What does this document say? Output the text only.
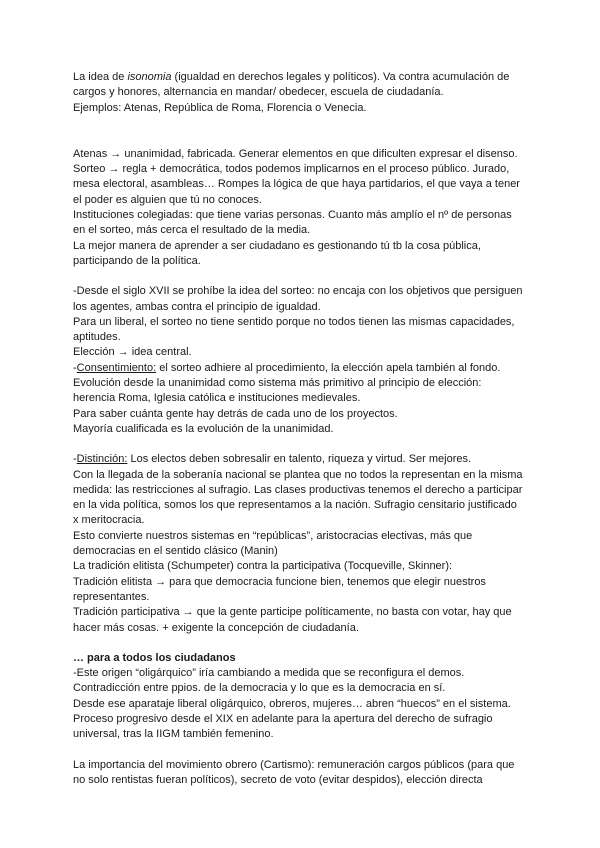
La idea de isonomia (igualdad en derechos legales y políticos). Va contra acumulación de
cargos y honores, alternancia en mandar/ obedecer, escuela de ciudadanía.
Ejemplos: Atenas, República de Roma, Florencia o Venecia.
Atenas → unanimidad, fabricada. Generar elementos en que dificulten expresar el disenso.
Sorteo → regla + democrática, todos podemos implicarnos en el proceso público. Jurado,
mesa electoral, asambleas… Rompes la lógica de que haya partidarios, el que vaya a tener
el poder es alguien que tú no conoces.
Instituciones colegiadas: que tiene varias personas. Cuanto más amplío el nº de personas
en el sorteo, más cerca el resultado de la media.
La mejor manera de aprender a ser ciudadano es gestionando tú tb la cosa pública,
participando de la política.
-Desde el siglo XVII se prohíbe la idea del sorteo: no encaja con los objetivos que persiguen
los agentes, ambas contra el principio de igualdad.
Para un liberal, el sorteo no tiene sentido porque no todos tienen las mismas capacidades,
aptitudes.
Elección → idea central.
-Consentimiento: el sorteo adhiere al procedimiento, la elección apela también al fondo.
Evolución desde la unanimidad como sistema más primitivo al principio de elección:
herencia Roma, Iglesia católica e instituciones medievales.
Para saber cuánta gente hay detrás de cada uno de los proyectos.
Mayoría cualificada es la evolución de la unanimidad.
-Distinción: Los electos deben sobresalir en talento, riqueza y virtud. Ser mejores.
Con la llegada de la soberanía nacional se plantea que no todos la representan en la misma
medida: las restricciones al sufragio. Las clases productivas tenemos el derecho a participar
en la vida política, somos los que representamos a la nación. Sufragio censitario justificado
x meritocracia.
Esto convierte nuestros sistemas en “repúblicas”, aristocracias electivas, más que
democracias en el sentido clásico (Manin)
La tradición elitista (Schumpeter) contra la participativa (Tocqueville, Skinner):
Tradición elitista → para que democracia funcione bien, tenemos que elegir nuestros
representantes.
Tradición participativa → que la gente participe políticamente, no basta con votar, hay que
hacer más cosas. + exigente la concepción de ciudadanía.
… para a todos los ciudadanos
-Este origen “oligárquico” iría cambiando a medida que se reconfigura el demos.
Contradicción entre ppios. de la democracia y lo que es la democracia en sí.
Desde ese aparataje liberal oligárquico, obreros, mujeres… abren “huecos” en el sistema.
Proceso progresivo desde el XIX en adelante para la apertura del derecho de sufragio
universal, tras la IIGM también femenino.
La importancia del movimiento obrero (Cartismo): remuneración cargos públicos (para que
no solo rentistas fueran políticos), secreto de voto (evitar despidos), elección directa
